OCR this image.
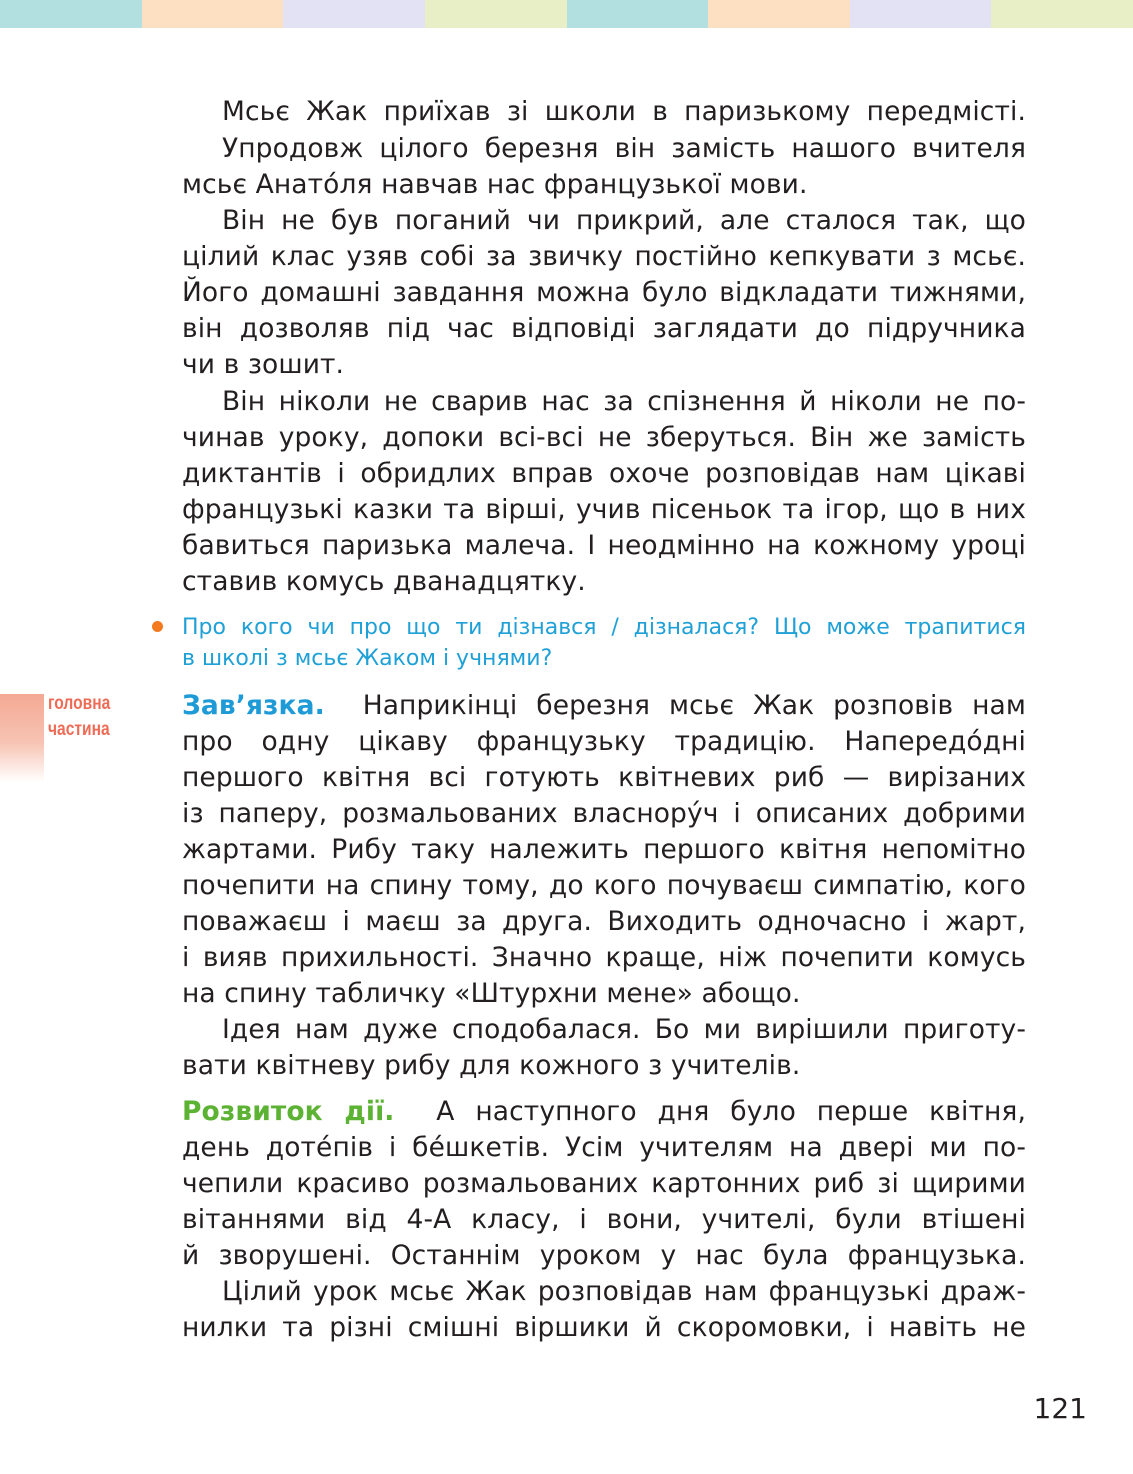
Мсьє Жак приїхав зі школи в паризькому передмісті.
Упродовж цілого березня він замість нашого вчителя
мсьє Анатóля навчав нас французької мови.
Він не був поганий чи прикрий, але сталося так, що
цілий клас узяв собі за звичку постійно кепкувати з мсьє.
Його домашні завдання можна було відкладати тижнями,
він дозволяв під час відповіді заглядати до підручника
чи в зошит.
Він ніколи не сварив нас за спізнення й ніколи не по-
чинав уроку, допоки всі-всі не зберуться. Він же замість
диктантів і обридлих вправ охоче розповідав нам цікаві
французькі казки та вірші, учив пісеньок та ігор, що в них
бавиться паризька малеча. І неодмінно на кожному уроці
ставив комусь дванадцятку.
Про кого чи про що ти дізнався / дізналася? Що може трапитися
в школі з мсьє Жаком і учнями?
головна
частина
Зав’язка. Наприкінці березня мсьє Жак розповів нам
про одну цікаву французьку традицію. Напередóдні
першого квітня всі готують квітневих риб — вирізаних
із паперу, розмальованих власнорýч і описаних добрими
жартами. Рибу таку належить першого квітня непомітно
почепити на спину тому, до кого почуваєш симпатію, кого
поважаєш і маєш за друга. Виходить одночасно і жарт,
і вияв прихильності. Значно краще, ніж почепити комусь
на спину табличку «Штурхни мене» абощо.
Ідея нам дуже сподобалася. Бо ми вирішили приготу-
вати квітневу рибу для кожного з учителів.
Розвиток дії. А наступного дня було перше квітня,
день дотéпів і бéшкетів. Усім учителям на двері ми по-
чепили красиво розмальованих картонних риб зі щирими
вітаннями від 4-А класу, і вони, учителі, були втішені
й зворушені. Останнім уроком у нас була французька.
Цілий урок мсьє Жак розповідав нам французькі драж-
нилки та різні смішні віршики й скоромовки, і навіть не
121
